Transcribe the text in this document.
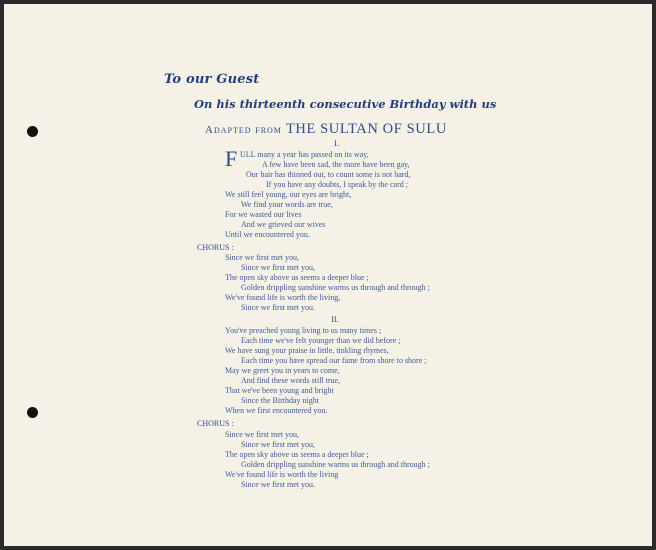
To our Guest
On his thirteenth consecutive Birthday with us
Adapted from THE SULTAN OF SULU
I.
F ULL many a year has passed on its way,
A few have been sad, the more have been gay,
Our hair has thinned out, to count some is not hard,
If you have any doubts, I speak by the card ;
We still feel young, our eyes are bright,
We find your words are true,
For we wasted our lives
And we grieved our wives
Until we encountered you.
CHORUS :
Since we first met you,
Since we first met you,
The open sky above us seems a deeper blue ;
Golden drippling sunshine warms us through and through ;
We've found life is worth the living,
Since we first met you.
II.
You've preached young living to us many times ;
Each time we've felt younger than we did before ;
We have sung your praise in little, tinkling rhymes,
Each time you have spread our fame from shore to shore ;
May we greet you in years to come,
And find these words still true,
That we've been young and bright
Since the Birthday night
When we first encountered you.
CHORUS :
Since we first met you,
Since we first met you,
The open sky above us seems a deeper blue ;
Golden drippling sunshine warms us through and through ;
We've found life is worth the living
Since we first met you.
